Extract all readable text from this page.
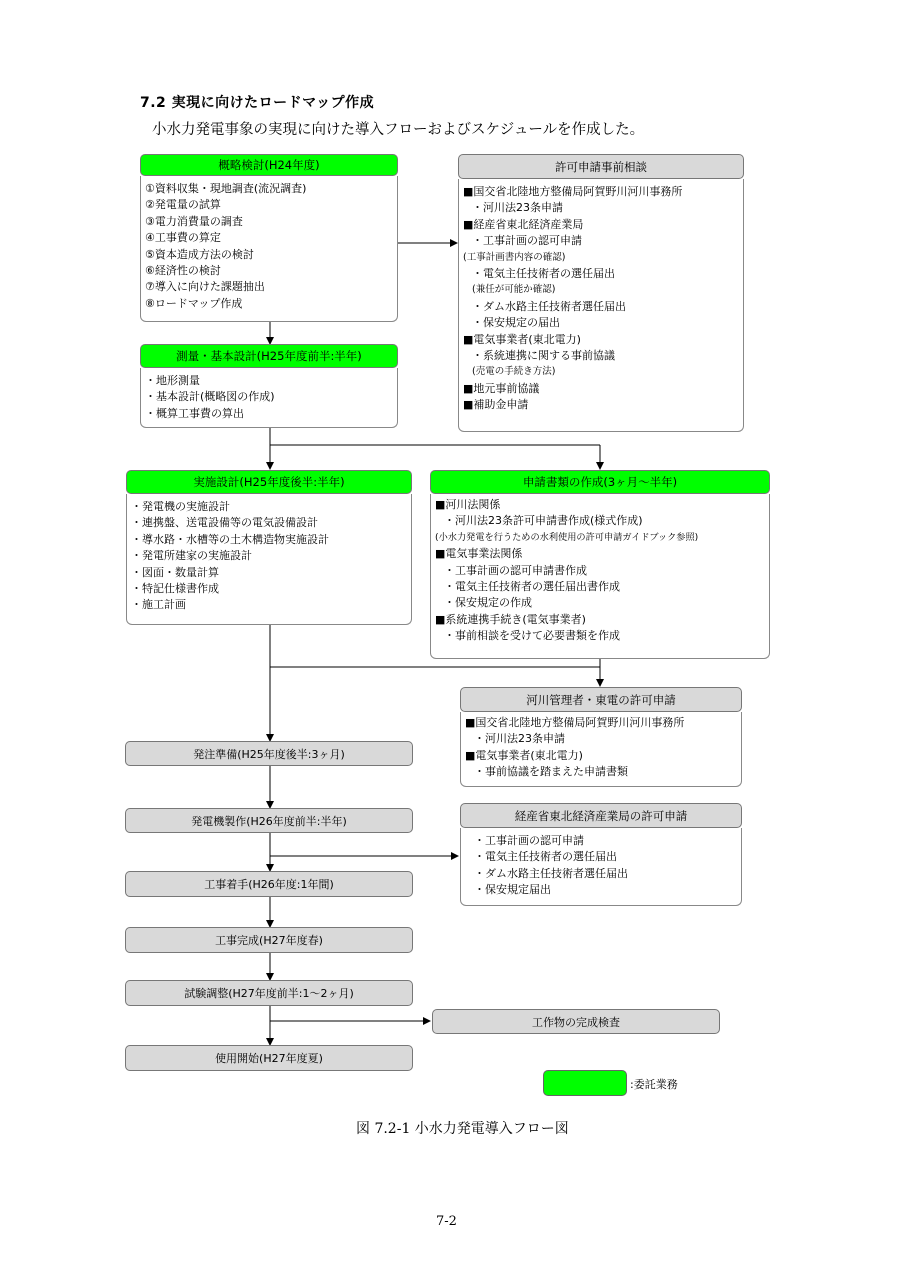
7.2 実現に向けたロードマップ作成
小水力発電事象の実現に向けた導入フローおよびスケジュールを作成した。
概略検討(H24年度)
①資料収集・現地調査(流況調査)
②発電量の試算
③電力消費量の調査
④工事費の算定
⑤資本造成方法の検討
⑥経済性の検討
⑦導入に向けた課題抽出
⑧ロードマップ作成
許可申請事前相談
■国交省北陸地方整備局阿賀野川河川事務所
・河川法23条申請
■経産省東北経済産業局
・工事計画の認可申請
(工事計画書内容の確認)
・電気主任技術者の選任届出
(兼任が可能か確認)
・ダム水路主任技術者選任届出
・保安規定の届出
■電気事業者(東北電力)
・系統連携に関する事前協議
(売電の手続き方法)
■地元事前協議
■補助金申請
測量・基本設計(H25年度前半:半年)
・地形測量
・基本設計(概略図の作成)
・概算工事費の算出
実施設計(H25年度後半:半年)
・発電機の実施設計
・連携盤、送電設備等の電気設備設計
・導水路・水槽等の土木構造物実施設計
・発電所建家の実施設計
・図面・数量計算
・特記仕様書作成
・施工計画
申請書類の作成(3ヶ月～半年)
■河川法関係
・河川法23条許可申請書作成(様式作成)
(小水力発電を行うための水利使用の許可申請ガイドブック参照)
■電気事業法関係
・工事計画の認可申請書作成
・電気主任技術者の選任届出書作成
・保安規定の作成
■系統連携手続き(電気事業者)
・事前相談を受けて必要書類を作成
河川管理者・東電の許可申請
■国交省北陸地方整備局阿賀野川河川事務所
・河川法23条申請
■電気事業者(東北電力)
・事前協議を踏まえた申請書類
経産省東北経済産業局の許可申請
・工事計画の認可申請
・電気主任技術者の選任届出
・ダム水路主任技術者選任届出
・保安規定届出
発注準備(H25年度後半:3ヶ月)
発電機製作(H26年度前半:半年)
工事着手(H26年度:1年間)
工事完成(H27年度春)
試験調整(H27年度前半:1～2ヶ月)
工作物の完成検査
使用開始(H27年度夏)
:委託業務
図 7.2-1 小水力発電導入フロー図
7-2
